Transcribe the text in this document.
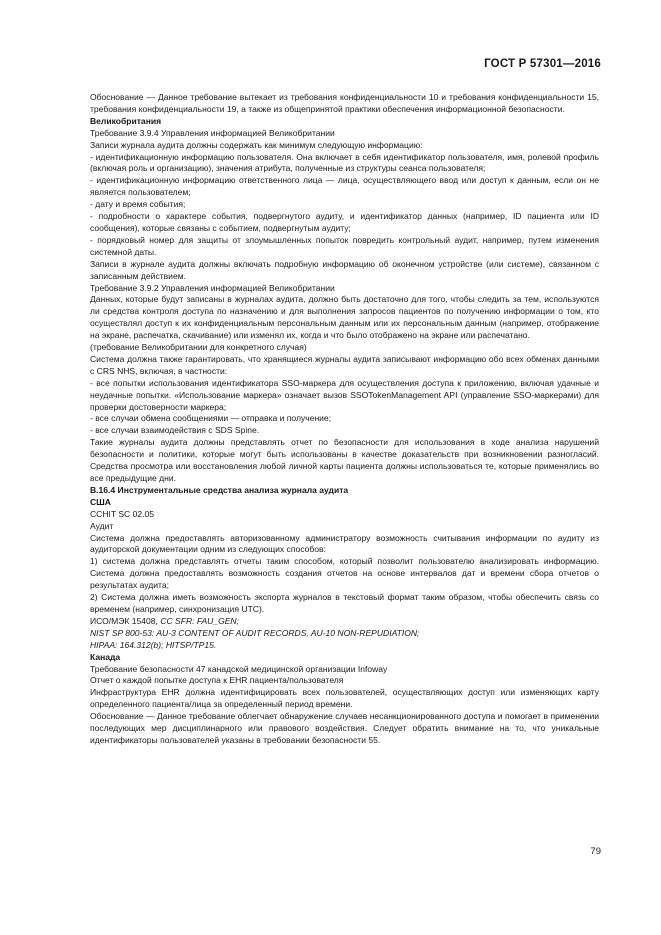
ГОСТ Р 57301—2016

Обоснование — Данное требование вытекает из требования конфиденциальности 10 и требования конфиденциальности 15, требования конфиденциальности 19, а также из общепринятой практики обеспечения информационной безопасности.

Великобритания

Требование 3.9.4 Управления информацией Великобритании

Записи журнала аудита должны содержать как минимум следующую информацию:

- идентификационную информацию пользователя. Она включает в себя идентификатор пользователя, имя, ролевой профиль (включая роль и организацию), значения атрибута, полученные из структуры сеанса пользователя;

- идентификационную информацию ответственного лица — лица, осуществляющего ввод или доступ к данным, если он не является пользователем;

- дату и время события;

- подробности о характере события, подвергнутого аудиту, и идентификатор данных (например, ID пациента или ID сообщения), которые связаны с событием, подвергнутым аудиту;

- порядковый номер для защиты от злоумышленных попыток повредить контрольный аудит, например, путем изменения системной даты.

Записи в журнале аудита должны включать подробную информацию об оконечном устройстве (или системе), связанном с записанным действием.

Требование 3.9.2 Управления информацией Великобритании

Данных, которые будут записаны в журналах аудита, должно быть достаточно для того, чтобы следить за тем, используются ли средства контроля доступа по назначению и для выполнения запросов пациентов по получению информации о том, кто осуществлял доступ к их конфиденциальным персональным данным или их персональным данным (например, отображение на экране, распечатка, скачивание) или изменял их, когда и что было отображено на экране или распечатано.

(требование Великобритании для конкретного случая)

Система должна также гарантировать, что хранящиеся журналы аудита записывают информацию обо всех обменах данными с CRS NHS, включая, в частности:

- все попытки использования идентификатора SSO-маркера для осуществления доступа к приложению, включая удачные и неудачные попытки. «Использование маркера» означает вызов SSOTokenManagement API (управление SSO-маркерами) для проверки достоверности маркера;

- все случаи обмена сообщениями — отправка и получение;

- все случаи взаимодействия с SDS Spine.

Такие журналы аудита должны представлять отчет по безопасности для использования в ходе анализа нарушений безопасности и политики, которые могут быть использованы в качестве доказательств при возникновении разногласий. Средства просмотра или восстановления любой личной карты пациента должны использоваться те, которые применялись во все предыдущие дни.

В.16.4 Инструментальные средства анализа журнала аудита

США

CCHIT SC 02.05

Аудит

Система должна предоставлять авторизованному администратору возможность считывания информации по аудиту из аудиторской документации одним из следующих способов:

1) система должна представлять отчеты таким способом, который позволит пользователю анализировать информацию. Система должна предоставлять возможность создания отчетов на основе интервалов дат и времени сбора отчетов о результатах аудита;

2) Система должна иметь возможность экспорта журналов в текстовый формат таким образом, чтобы обеспечить связь со временем (например, синхронизация UTC).

ИСО/МЭК 15408, CC SFR: FAU_GEN;

NIST SP 800-53: AU-3 CONTENT OF AUDIT RECORDS, AU-10 NON-REPUDIATION;

HIPAA: 164.312(b); HITSP/TP15.

Канада

Требование безопасности 47 канадской медицинской организации Infoway

Отчет о каждой попытке доступа к EHR пациента/пользователя

Инфраструктура EHR должна идентифицировать всех пользователей, осуществляющих доступ или изменяющих карту определенного пациента/лица за определенный период времени.

Обоснование — Данное требование облегчает обнаружение случаев несанкционированного доступа и помогает в применении последующих мер дисциплинарного или правового воздействия. Следует обратить внимание на то, что уникальные идентификаторы пользователей указаны в требовании безопасности 55.

79
